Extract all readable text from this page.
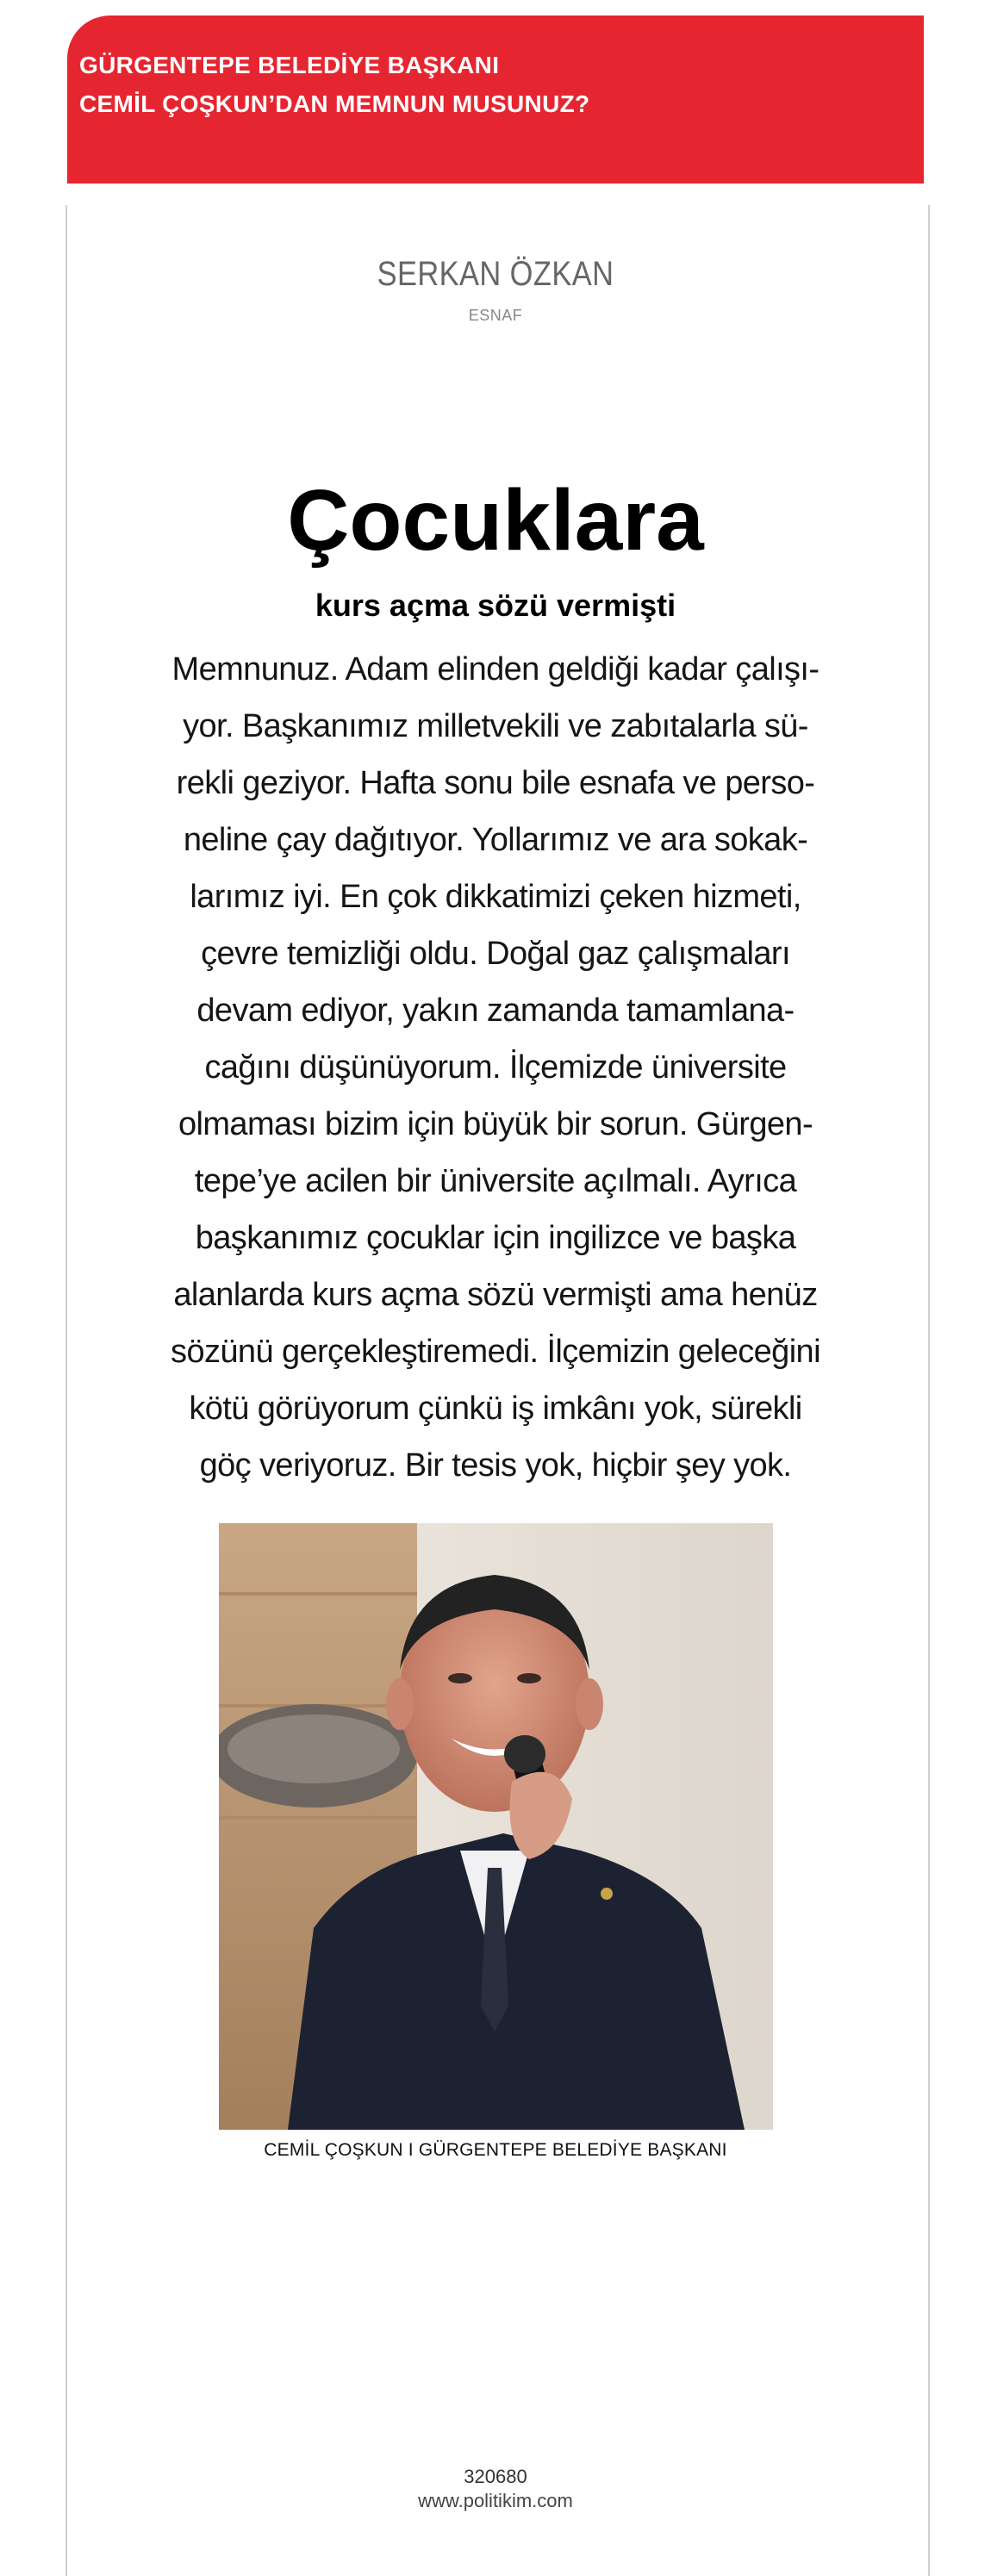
GÜRGENTEPE BELEDİYE BAŞKANI
CEMİL ÇOŞKUN’DAN MEMNUN MUSUNUZ?
SERKAN ÖZKAN
ESNAF
Çocuklara
kurs açma sözü vermişti
Memnunuz. Adam elinden geldiği kadar çalışı-
yor. Başkanımız milletvekili ve zabıtalarla sü-
rekli geziyor. Hafta sonu bile esnafa ve perso-
neline çay dağıtıyor. Yollarımız ve ara sokak-
larımız iyi. En çok dikkatimizi çeken hizmeti,
çevre temizliği oldu. Doğal gaz çalışmaları
devam ediyor, yakın zamanda tamamlana-
cağını düşünüyorum. İlçemizde üniversite
olmaması bizim için büyük bir sorun. Gürgen-
tepe’ye acilen bir üniversite açılmalı. Ayrıca
başkanımız çocuklar için ingilizce ve başka
alanlarda kurs açma sözü vermişti ama henüz
sözünü gerçekleştiremedi. İlçemizin geleceğini
kötü görüyorum çünkü iş imkânı yok, sürekli
göç veriyoruz. Bir tesis yok, hiçbir şey yok.
CEMİL ÇOŞKUN I GÜRGENTEPE BELEDİYE BAŞKANI
320680
www.politikim.com
